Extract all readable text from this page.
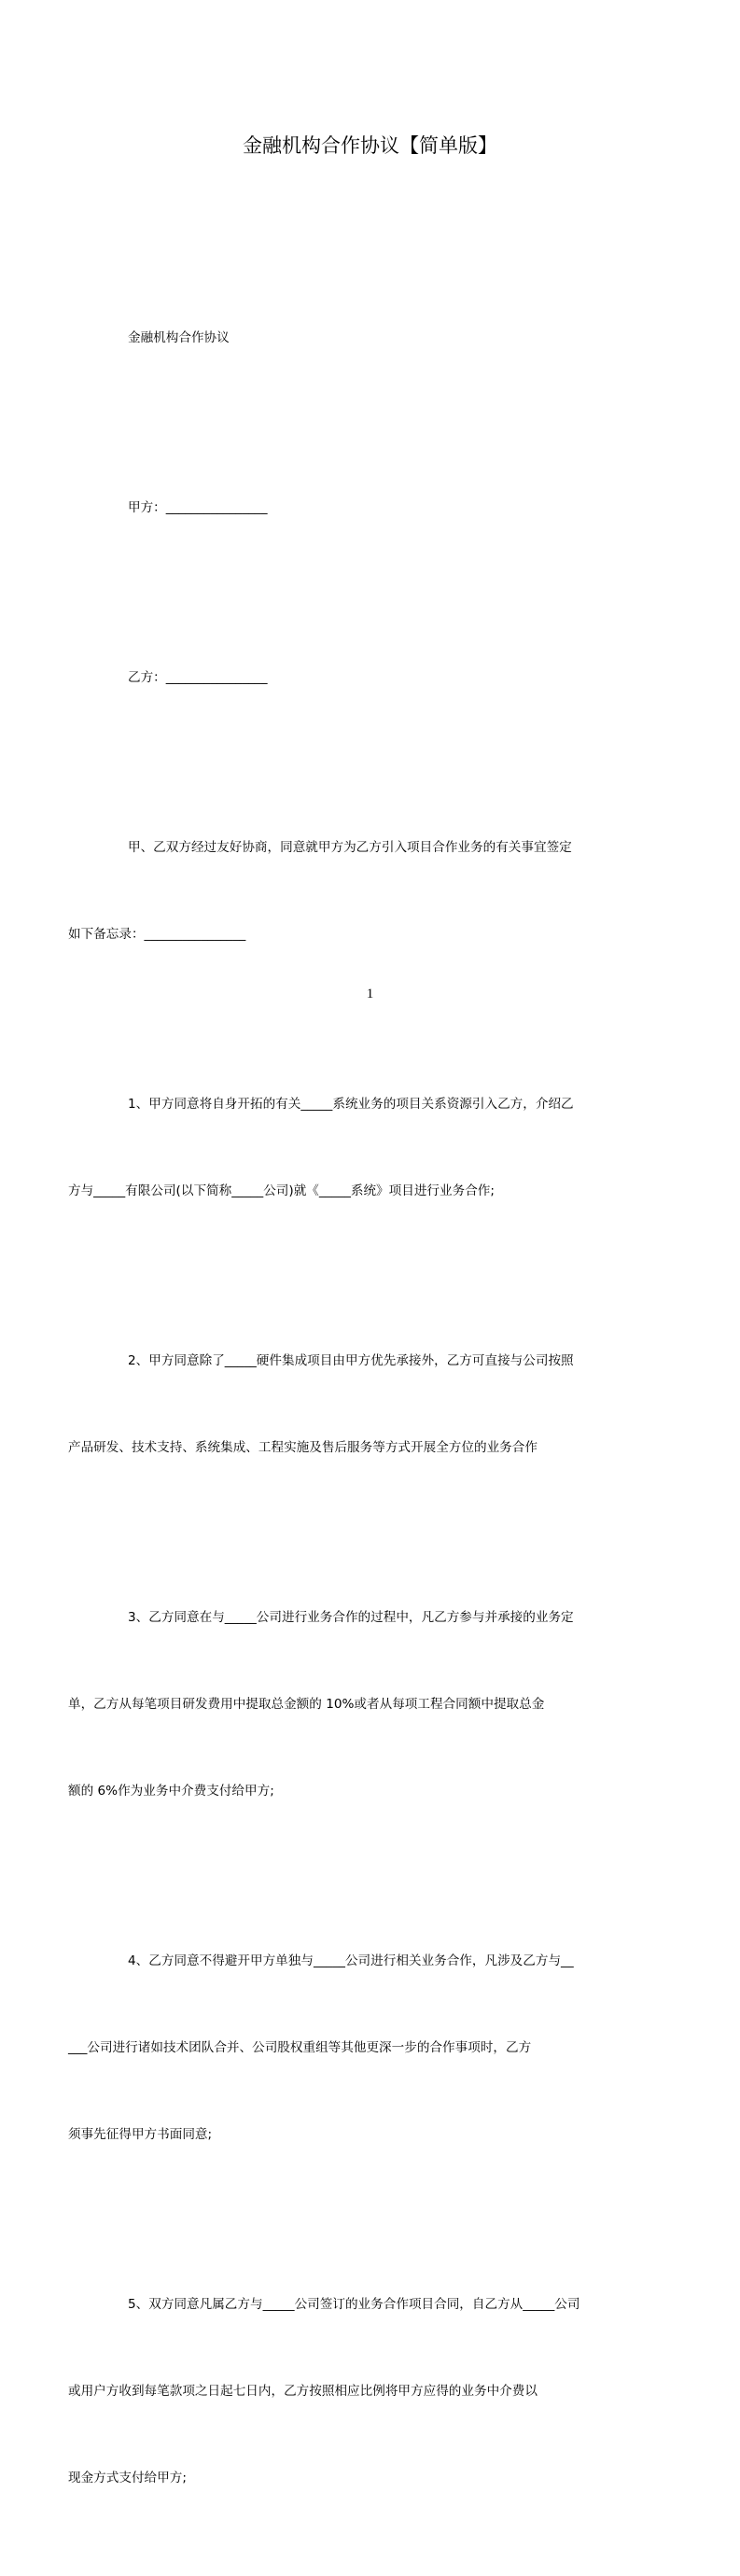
金融机构合作协议【简单版】

金融机构合作协议

甲方：________________

乙方：________________

甲、乙双方经过友好协商，同意就甲方为乙方引入项目合作业务的有关事宜签定

如下备忘录：________________

1、甲方同意将自身开拓的有关_____系统业务的项目关系资源引入乙方，介绍乙

方与_____有限公司(以下简称_____公司)就《_____系统》项目进行业务合作;

2、甲方同意除了_____硬件集成项目由甲方优先承接外，乙方可直接与公司按照

产品研发、技术支持、系统集成、工程实施及售后服务等方式开展全方位的业务合作

3、乙方同意在与_____公司进行业务合作的过程中，凡乙方参与并承接的业务定

单，乙方从每笔项目研发费用中提取总金额的 10%或者从每项工程合同额中提取总金

额的 6%作为业务中介费支付给甲方;

4、乙方同意不得避开甲方单独与_____公司进行相关业务合作，凡涉及乙方与__

___公司进行诸如技术团队合并、公司股权重组等其他更深一步的合作事项时，乙方

须事先征得甲方书面同意;

5、双方同意凡属乙方与_____公司签订的业务合作项目合同，自乙方从_____公司

或用户方收到每笔款项之日起七日内，乙方按照相应比例将甲方应得的业务中介费以

现金方式支付给甲方;

1
